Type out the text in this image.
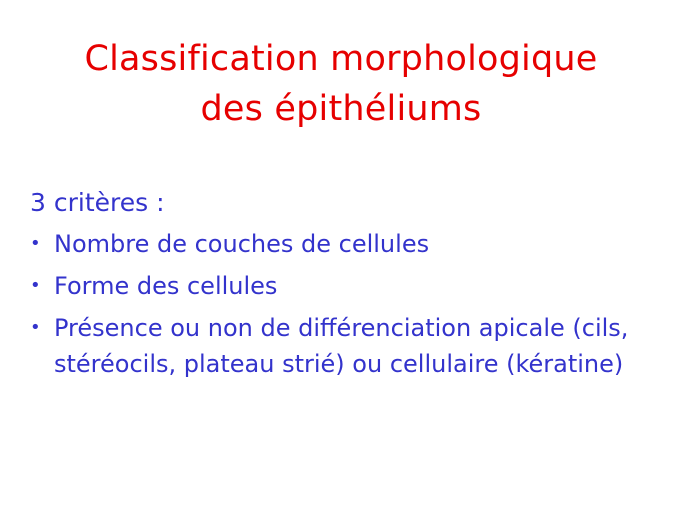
Classification morphologique
des épithéliums
3 critères :
• Nombre de couches de cellules
• Forme des cellules
• Présence ou non de différenciation apicale (cils, stéréocils, plateau strié) ou cellulaire (kératine)
